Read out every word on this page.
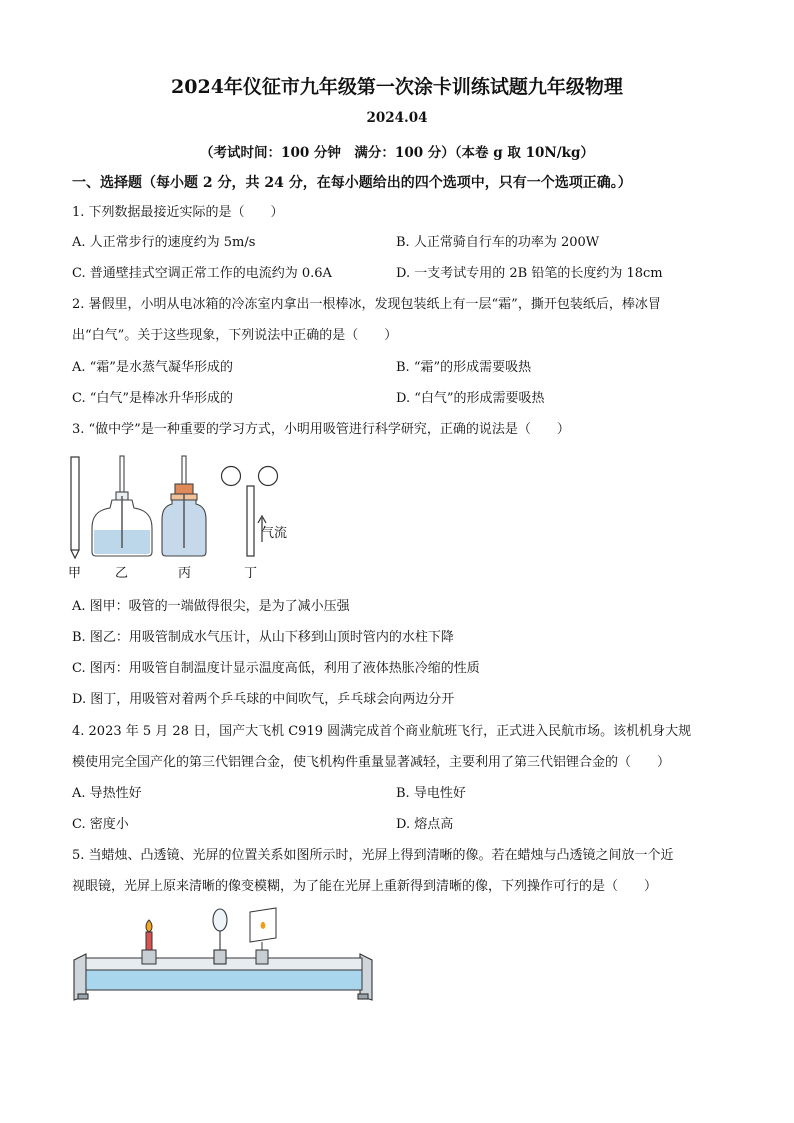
2024年仪征市九年级第一次涂卡训练试题九年级物理
2024.04
（考试时间：100 分钟　满分：100 分）（本卷 g 取 10N/kg）
一、选择题（每小题 2 分，共 24 分，在每小题给出的四个选项中，只有一个选项正确。）
1. 下列数据最接近实际的是（　　）
A. 人正常步行的速度约为 5m/s	B. 人正常骑自行车的功率为 200W
C. 普通壁挂式空调正常工作的电流约为 0.6A	D. 一支考试专用的 2B 铅笔的长度约为 18cm
2. 暑假里，小明从电冰箱的冷冻室内拿出一根棒冰，发现包装纸上有一层“霜”，撕开包装纸后，棒冰冒
出“白气”。关于这些现象，下列说法中正确的是（　　）
A. “霜”是水蒸气凝华形成的	B. “霜”的形成需要吸热
C. “白气”是棒冰升华形成的	D. “白气”的形成需要吸热
3. “做中学”是一种重要的学习方式，小明用吸管进行科学研究，正确的说法是（　　）
气流
甲	乙	丙	丁
A. 图甲：吸管的一端做得很尖，是为了减小压强
B. 图乙：用吸管制成水气压计，从山下移到山顶时管内的水柱下降
C. 图丙：用吸管自制温度计显示温度高低，利用了液体热胀冷缩的性质
D. 图丁，用吸管对着两个乒乓球的中间吹气，乒乓球会向两边分开
4. 2023 年 5 月 28 日，国产大飞机 C919 圆满完成首个商业航班飞行，正式进入民航市场。该机机身大规
模使用完全国产化的第三代铝锂合金，使飞机构件重量显著减轻，主要利用了第三代铝锂合金的（　　）
A. 导热性好	B. 导电性好
C. 密度小	D. 熔点高
5. 当蜡烛、凸透镜、光屏的位置关系如图所示时，光屏上得到清晰的像。若在蜡烛与凸透镜之间放一个近
视眼镜，光屏上原来清晰的像变模糊，为了能在光屏上重新得到清晰的像，下列操作可行的是（　　）
